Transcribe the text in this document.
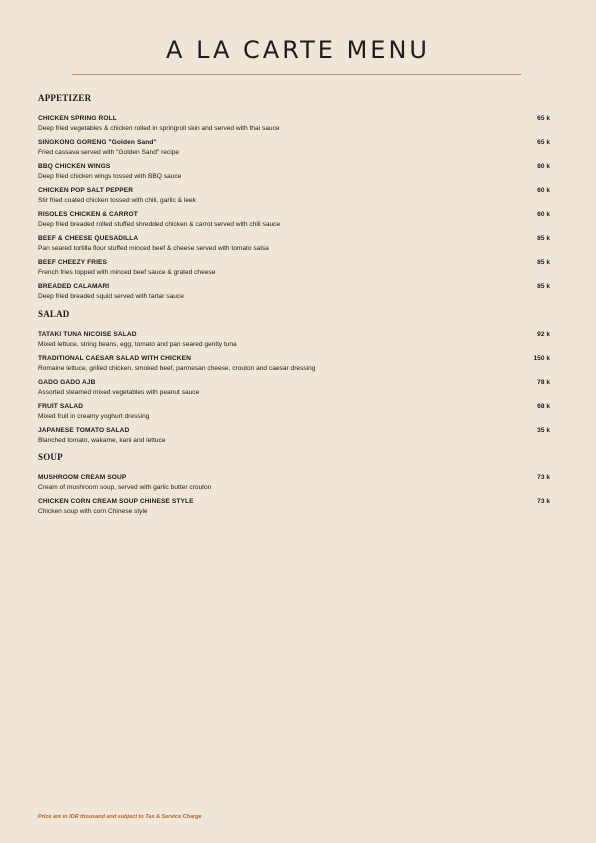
A LA CARTE MENU
APPETIZER
CHICKEN SPRING ROLL
Deep fried vegetables & chicken rolled in springroll skin and served with thai sauce
65 k
SINGKONG GORENG "Golden Sand"
Fried cassava served with "Golden Sand" recipe
65 k
BBQ CHICKEN WINGS
Deep fried chicken wings tossed with BBQ sauce
80 k
CHICKEN POP SALT PEPPER
Stir fried coated chicken tossed with chili, garlic & leek
60 k
RISOLES CHICKEN & CARROT
Deep fried breaded rolled stuffed shredded chicken & carrot served with chili sauce
60 k
BEEF & CHEESE QUESADILLA
Pan seared tortilla flour stuffed minced beef & cheese served with tomato salsa
85 k
BEEF CHEEZY FRIES
French fries topped with minced beef sauce & grated cheese
85 k
BREADED CALAMARI
Deep fried breaded squid served with tartar sauce
85 k
SALAD
TATAKI TUNA NICOISE SALAD
Mixed lettuce, string beans, egg, tomato and pan seared gently tuna
92 k
TRADITIONAL CAESAR SALAD WITH CHICKEN
Romaine lettuce, grilled chicken, smoked beef, parmesan cheese, crouton and caesar dressing
150 k
GADO GADO AJB
Assorted steamed mixed vegetables with peanut sauce
78 k
FRUIT SALAD
Mixed fruit in creamy yoghurt dressing
68 k
JAPANESE TOMATO SALAD
Blanched tomato, wakame, kani and lettuce
35 k
SOUP
MUSHROOM CREAM SOUP
Cream of mushroom soup, served with garlic butter crouton
73 k
CHICKEN CORN CREAM SOUP CHINESE STYLE
Chicken soup with corn Chinese style
73 k
Price are in IDR thousand and subject to Tax & Service Charge
